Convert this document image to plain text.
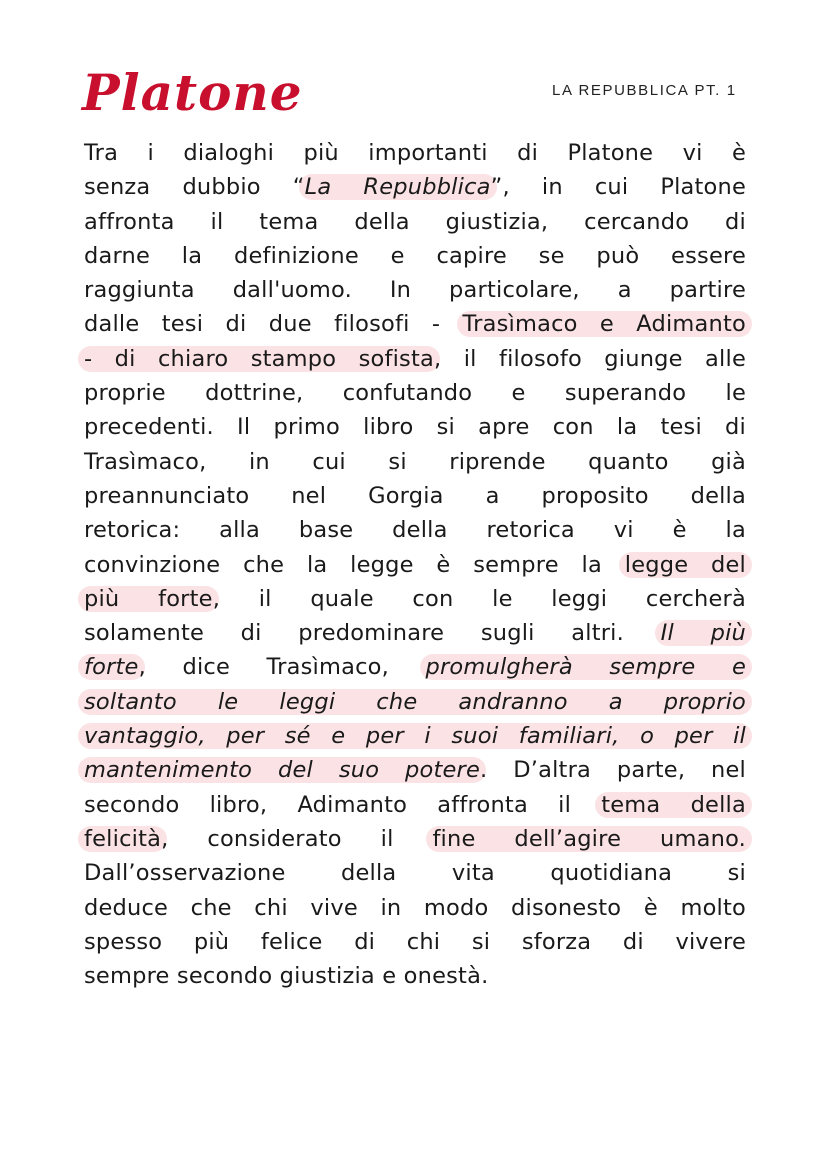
Platone	LA REPUBBLICA PT. 1
Tra i dialoghi più importanti di Platone vi è
senza dubbio “La Repubblica”, in cui Platone
affronta il tema della giustizia, cercando di
darne la definizione e capire se può essere
raggiunta dall'uomo. In particolare, a partire
dalle tesi di due filosofi - Trasìmaco e Adimanto
- di chiaro stampo sofista, il filosofo giunge alle
proprie dottrine, confutando e superando le
precedenti. Il primo libro si apre con la tesi di
Trasìmaco, in cui si riprende quanto già
preannunciato nel Gorgia a proposito della
retorica: alla base della retorica vi è la
convinzione che la legge è sempre la legge del
più forte, il quale con le leggi cercherà
solamente di predominare sugli altri. Il più
forte, dice Trasìmaco, promulgherà sempre e
soltanto le leggi che andranno a proprio
vantaggio, per sé e per i suoi familiari, o per il
mantenimento del suo potere. D’altra parte, nel
secondo libro, Adimanto affronta il tema della
felicità, considerato il fine dell’agire umano.
Dall’osservazione della vita quotidiana si
deduce che chi vive in modo disonesto è molto
spesso più felice di chi si sforza di vivere
sempre secondo giustizia e onestà.
